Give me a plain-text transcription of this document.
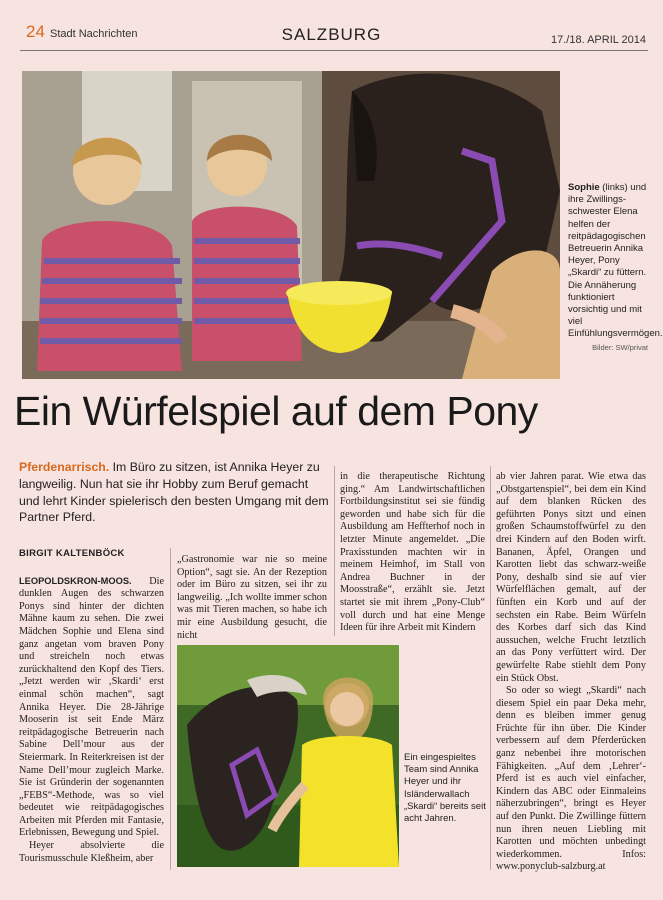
24 Stadt Nachrichten	SALZBURG	17./18. APRIL 2014
Sophie (links) und ihre Zwillings-schwester Elena helfen der reitpädagogischen Betreuerin Annika Heyer, Pony „Skardi“ zu füttern. Die Annäherung funktioniert vorsichtig und mit viel Einfühlungsvermögen.
Bilder: SW/privat
Ein Würfelspiel auf dem Pony
Pferdenarrisch. Im Büro zu sitzen, ist Annika Heyer zu langweilig. Nun hat sie ihr Hobby zum Beruf gemacht und lehrt Kinder spielerisch den besten Umgang mit dem Partner Pferd.
BIRGIT KALTENBÖCK

LEOPOLDSKRON-MOOS. Die dunklen Augen des schwarzen Ponys sind hinter der dichten Mähne kaum zu sehen. Die zwei Mädchen Sophie und Elena sind ganz angetan vom braven Pony und streicheln noch etwas zurückhaltend den Kopf des Tiers. „Jetzt werden wir ‚Skardi‘ erst einmal schön machen“, sagt Annika Heyer. Die 28-Jährige Mooserin ist seit Ende März reitpädagogische Betreuerin nach Sabine Dell’mour aus der Steiermark. In Reiterkreisen ist der Name Dell’mour zugleich Marke. Sie ist Gründerin der sogenannten „FEBS“-Methode, was so viel bedeutet wie reitpädagogisches Arbeiten mit Pferden mit Fantasie, Erlebnissen, Bewegung und Spiel.

Heyer absolvierte die Tourismusschule Kleßheim, aber

„Gastronomie war nie so meine Option“, sagt sie. An der Rezeption oder im Büro zu sitzen, sei ihr zu langweilig. „Ich wollte immer schon was mit Tieren machen, so habe ich mir eine Ausbildung gesucht, die nicht

Ein eingespieltes Team sind Annika Heyer und ihr Isländerwallach „Skardi“ bereits seit acht Jahren.

in die therapeutische Richtung ging.“ Am Landwirtschaftlichen Fortbildungsinstitut sei sie fündig geworden und habe sich für die Ausbildung am Heffterhof noch in letzter Minute angemeldet. „Die Praxisstunden machten wir in meinem Heimhof, im Stall von Andrea Buchner in der Moosstraße“, erzählt sie. Jetzt startet sie mit ihrem „Pony-Club“ voll durch und hat eine Menge Ideen für ihre Arbeit mit Kindern

ab vier Jahren parat. Wie etwa das „Obstgartenspiel“, bei dem ein Kind auf dem blanken Rücken des geführten Ponys sitzt und einen großen Schaumstoffwürfel zu den drei Kindern auf den Boden wirft. Bananen, Äpfel, Orangen und Karotten liebt das schwarz-weiße Pony, deshalb sind sie auf vier Würfelflächen gemalt, auf der fünften ein Korb und auf der sechsten ein Rabe. Beim Würfeln des Korbes darf sich das Kind aussuchen, welche Frucht letztlich an das Pony verfüttert wird. Der gewürfelte Rabe stiehlt dem Pony ein Stück Obst.

So oder so wiegt „Skardi“ nach diesem Spiel ein paar Deka mehr, denn es bleiben immer genug Früchte für ihn über. Die Kinder verbessern auf dem Pferderücken ganz nebenbei ihre motorischen Fähigkeiten. „Auf dem ‚Lehrer‘-Pferd ist es auch viel einfacher, Kindern das ABC oder Einmaleins näherzubringen“, bringt es Heyer auf den Punkt. Die Zwillinge füttern nun ihren neuen Liebling mit Karotten und möchten unbedingt wiederkommen. Infos: www.ponyclub-salzburg.at
